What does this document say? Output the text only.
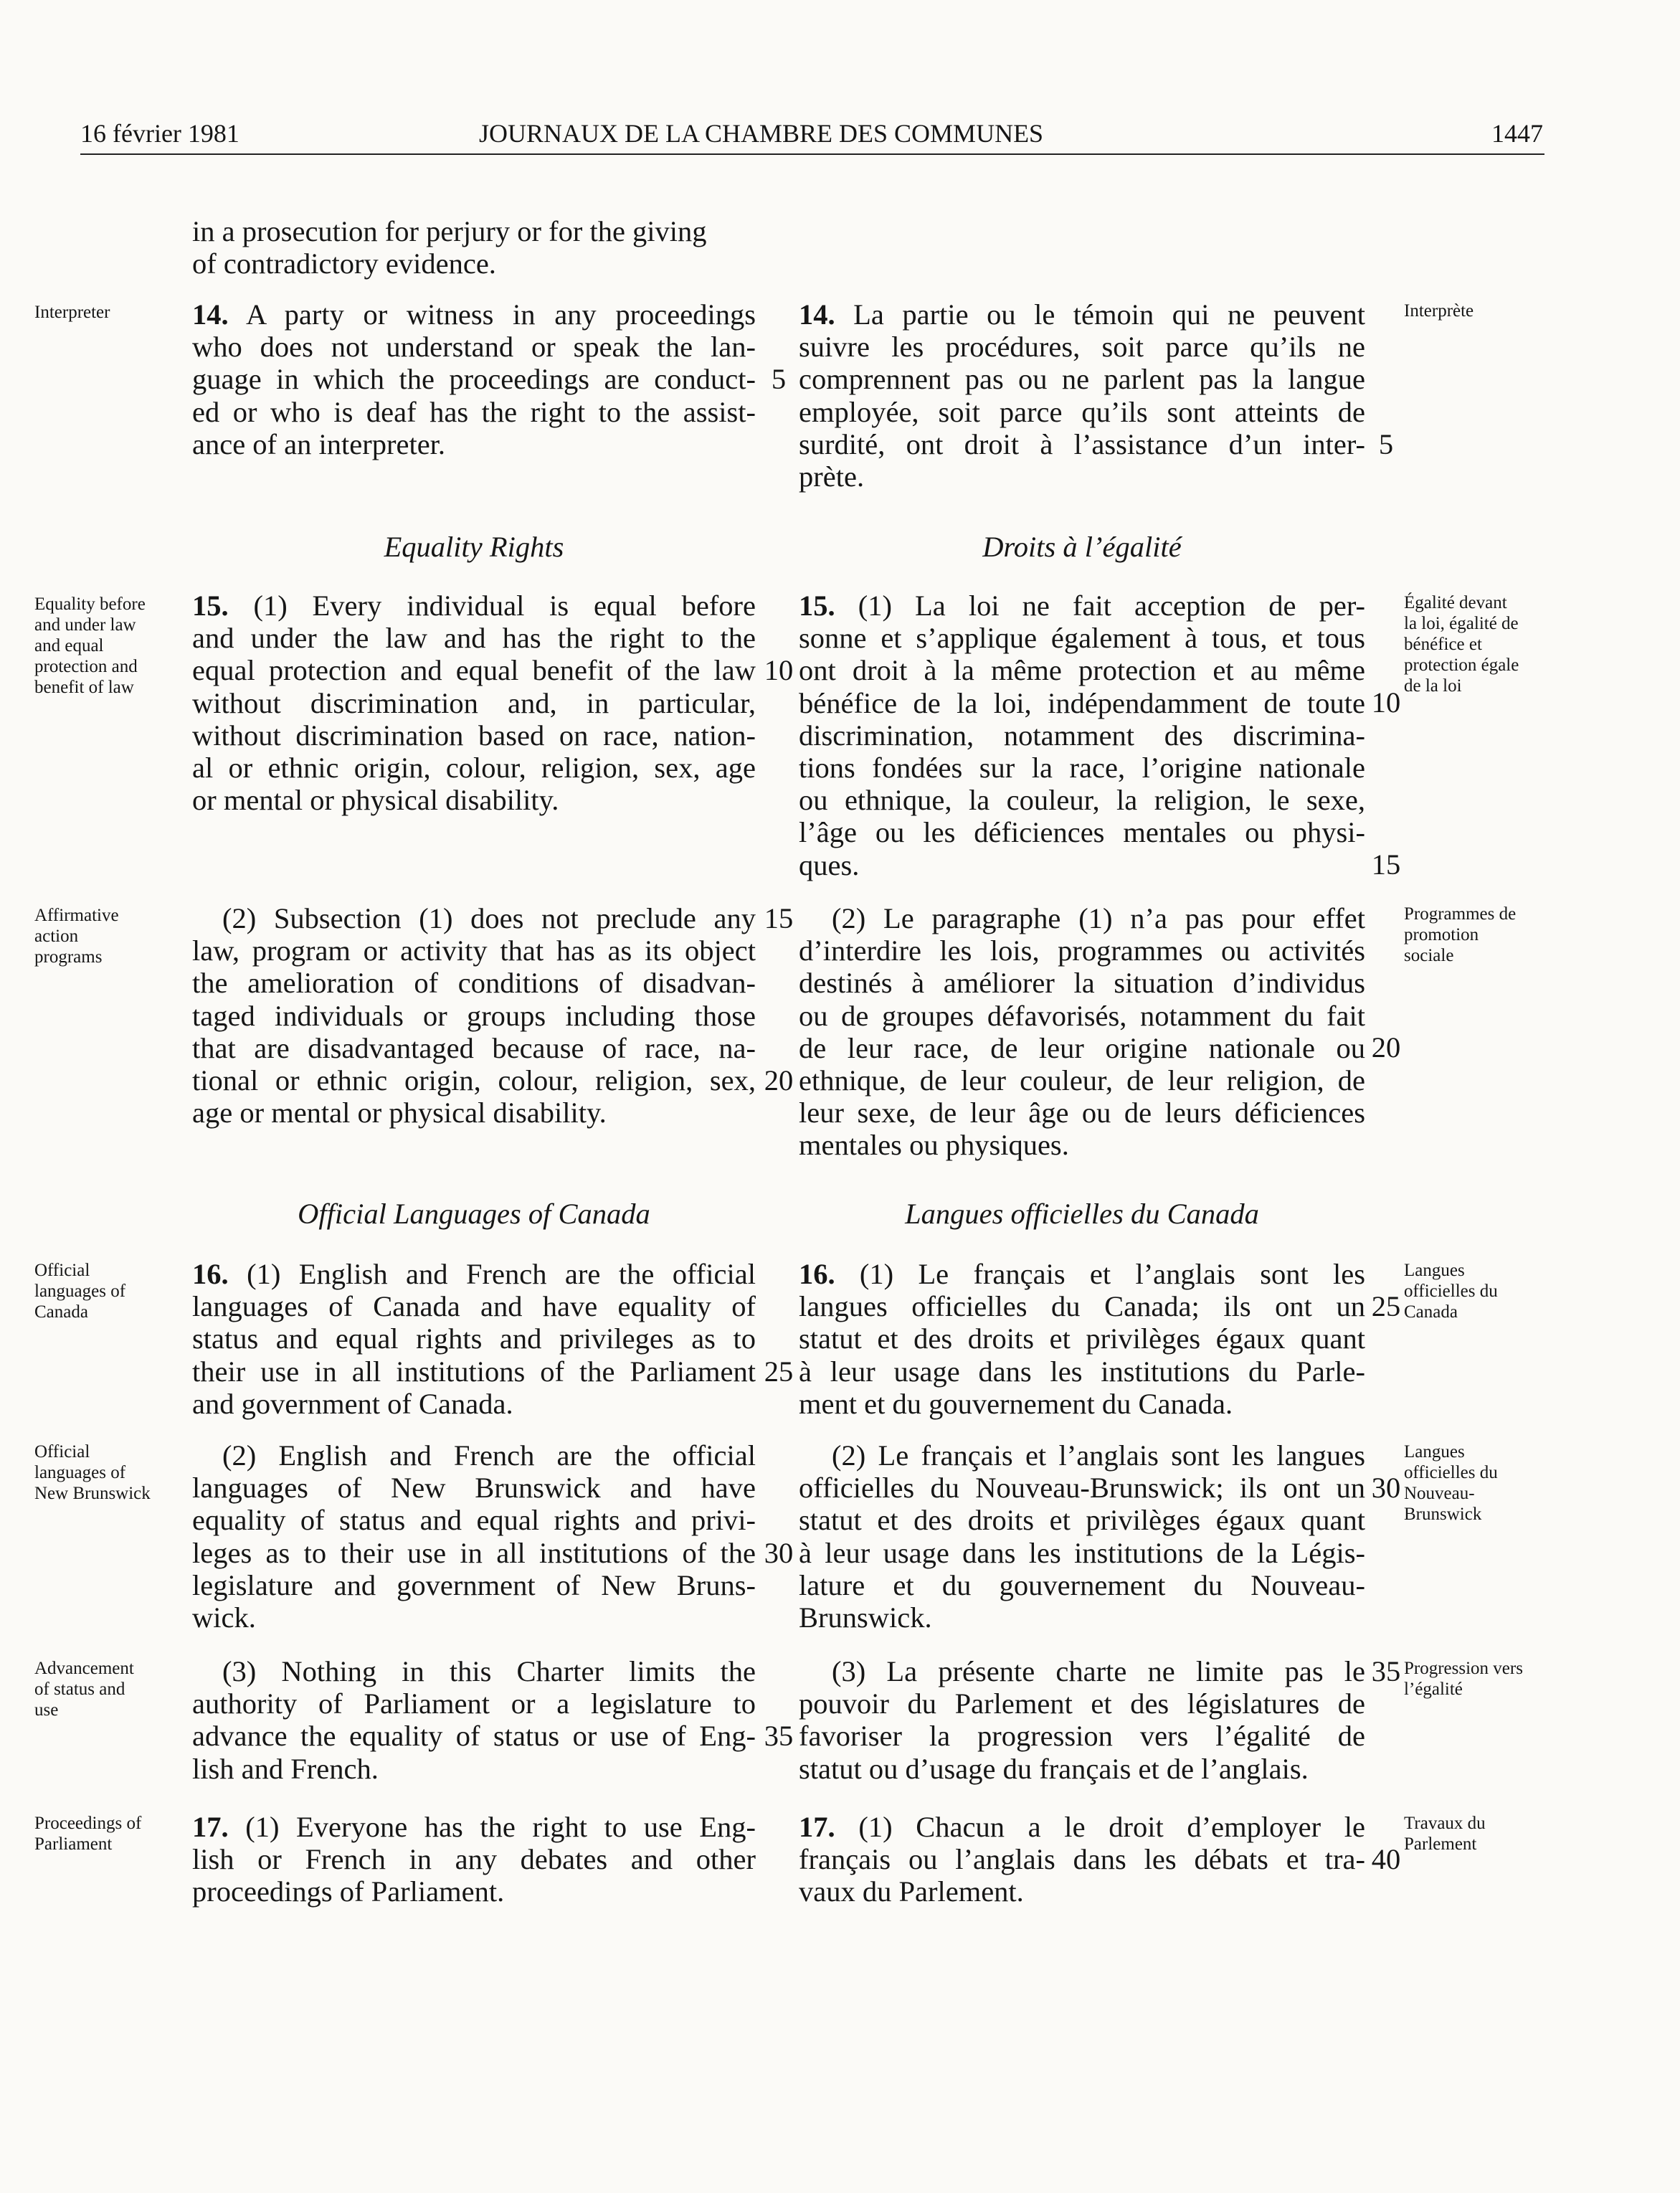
16 février 1981	JOURNAUX DE LA CHAMBRE DES COMMUNES	1447
in a prosecution for perjury or for the giving
of contradictory evidence.
Interpreter	14. A party or witness in any proceedings
who does not understand or speak the lan-
guage in which the proceedings are conduct-
ed or who is deaf has the right to the assist-
ance of an interpreter.
14. La partie ou le témoin qui ne peuvent
suivre les procédures, soit parce qu’ils ne
comprennent pas ou ne parlent pas la langue
employée, soit parce qu’ils sont atteints de
surdité, ont droit à l’assistance d’un inter-
prète.
Interprète
5
5
Equality Rights	Droits à l’égalité
Equality before
and under law
and equal
protection and
benefit of law
15. (1) Every individual is equal before
and under the law and has the right to the
equal protection and equal benefit of the law
without discrimination and, in particular,
without discrimination based on race, nation-
al or ethnic origin, colour, religion, sex, age
or mental or physical disability.
15. (1) La loi ne fait acception de per-
sonne et s’applique également à tous, et tous
ont droit à la même protection et au même
bénéfice de la loi, indépendamment de toute
discrimination, notamment des discrimina-
tions fondées sur la race, l’origine nationale
ou ethnique, la couleur, la religion, le sexe,
l’âge ou les déficiences mentales ou physi-
ques.
Égalité devant
la loi, égalité de
bénéfice et
protection égale
de la loi
10
10
15
Affirmative
action
programs
(2) Subsection (1) does not preclude any
law, program or activity that has as its object
the amelioration of conditions of disadvan-
taged individuals or groups including those
that are disadvantaged because of race, na-
tional or ethnic origin, colour, religion, sex,
age or mental or physical disability.
(2) Le paragraphe (1) n’a pas pour effet
d’interdire les lois, programmes ou activités
destinés à améliorer la situation d’individus
ou de groupes défavorisés, notamment du fait
de leur race, de leur origine nationale ou
ethnique, de leur couleur, de leur religion, de
leur sexe, de leur âge ou de leurs déficiences
mentales ou physiques.
Programmes de
promotion
sociale
15
20
20
Official Languages of Canada	Langues officielles du Canada
Official
languages of
Canada
16. (1) English and French are the official
languages of Canada and have equality of
status and equal rights and privileges as to
their use in all institutions of the Parliament
and government of Canada.
16. (1) Le français et l’anglais sont les
langues officielles du Canada; ils ont un
statut et des droits et privilèges égaux quant
à leur usage dans les institutions du Parle-
ment et du gouvernement du Canada.
Langues
officielles du
Canada
25
25
Official
languages of
New Brunswick
(2) English and French are the official
languages of New Brunswick and have
equality of status and equal rights and privi-
leges as to their use in all institutions of the
legislature and government of New Bruns-
wick.
(2) Le français et l’anglais sont les langues
officielles du Nouveau-Brunswick; ils ont un
statut et des droits et privilèges égaux quant
à leur usage dans les institutions de la Légis-
lature et du gouvernement du Nouveau-
Brunswick.
Langues
officielles du
Nouveau-
Brunswick
30
30
Advancement
of status and
use
(3) Nothing in this Charter limits the
authority of Parliament or a legislature to
advance the equality of status or use of Eng-
lish and French.
(3) La présente charte ne limite pas le
pouvoir du Parlement et des législatures de
favoriser la progression vers l’égalité de
statut ou d’usage du français et de l’anglais.
Progression vers
l’égalité
35
35
Proceedings of
Parliament
17. (1) Everyone has the right to use Eng-
lish or French in any debates and other
proceedings of Parliament.
17. (1) Chacun a le droit d’employer le
français ou l’anglais dans les débats et tra-
vaux du Parlement.
Travaux du
Parlement
40
